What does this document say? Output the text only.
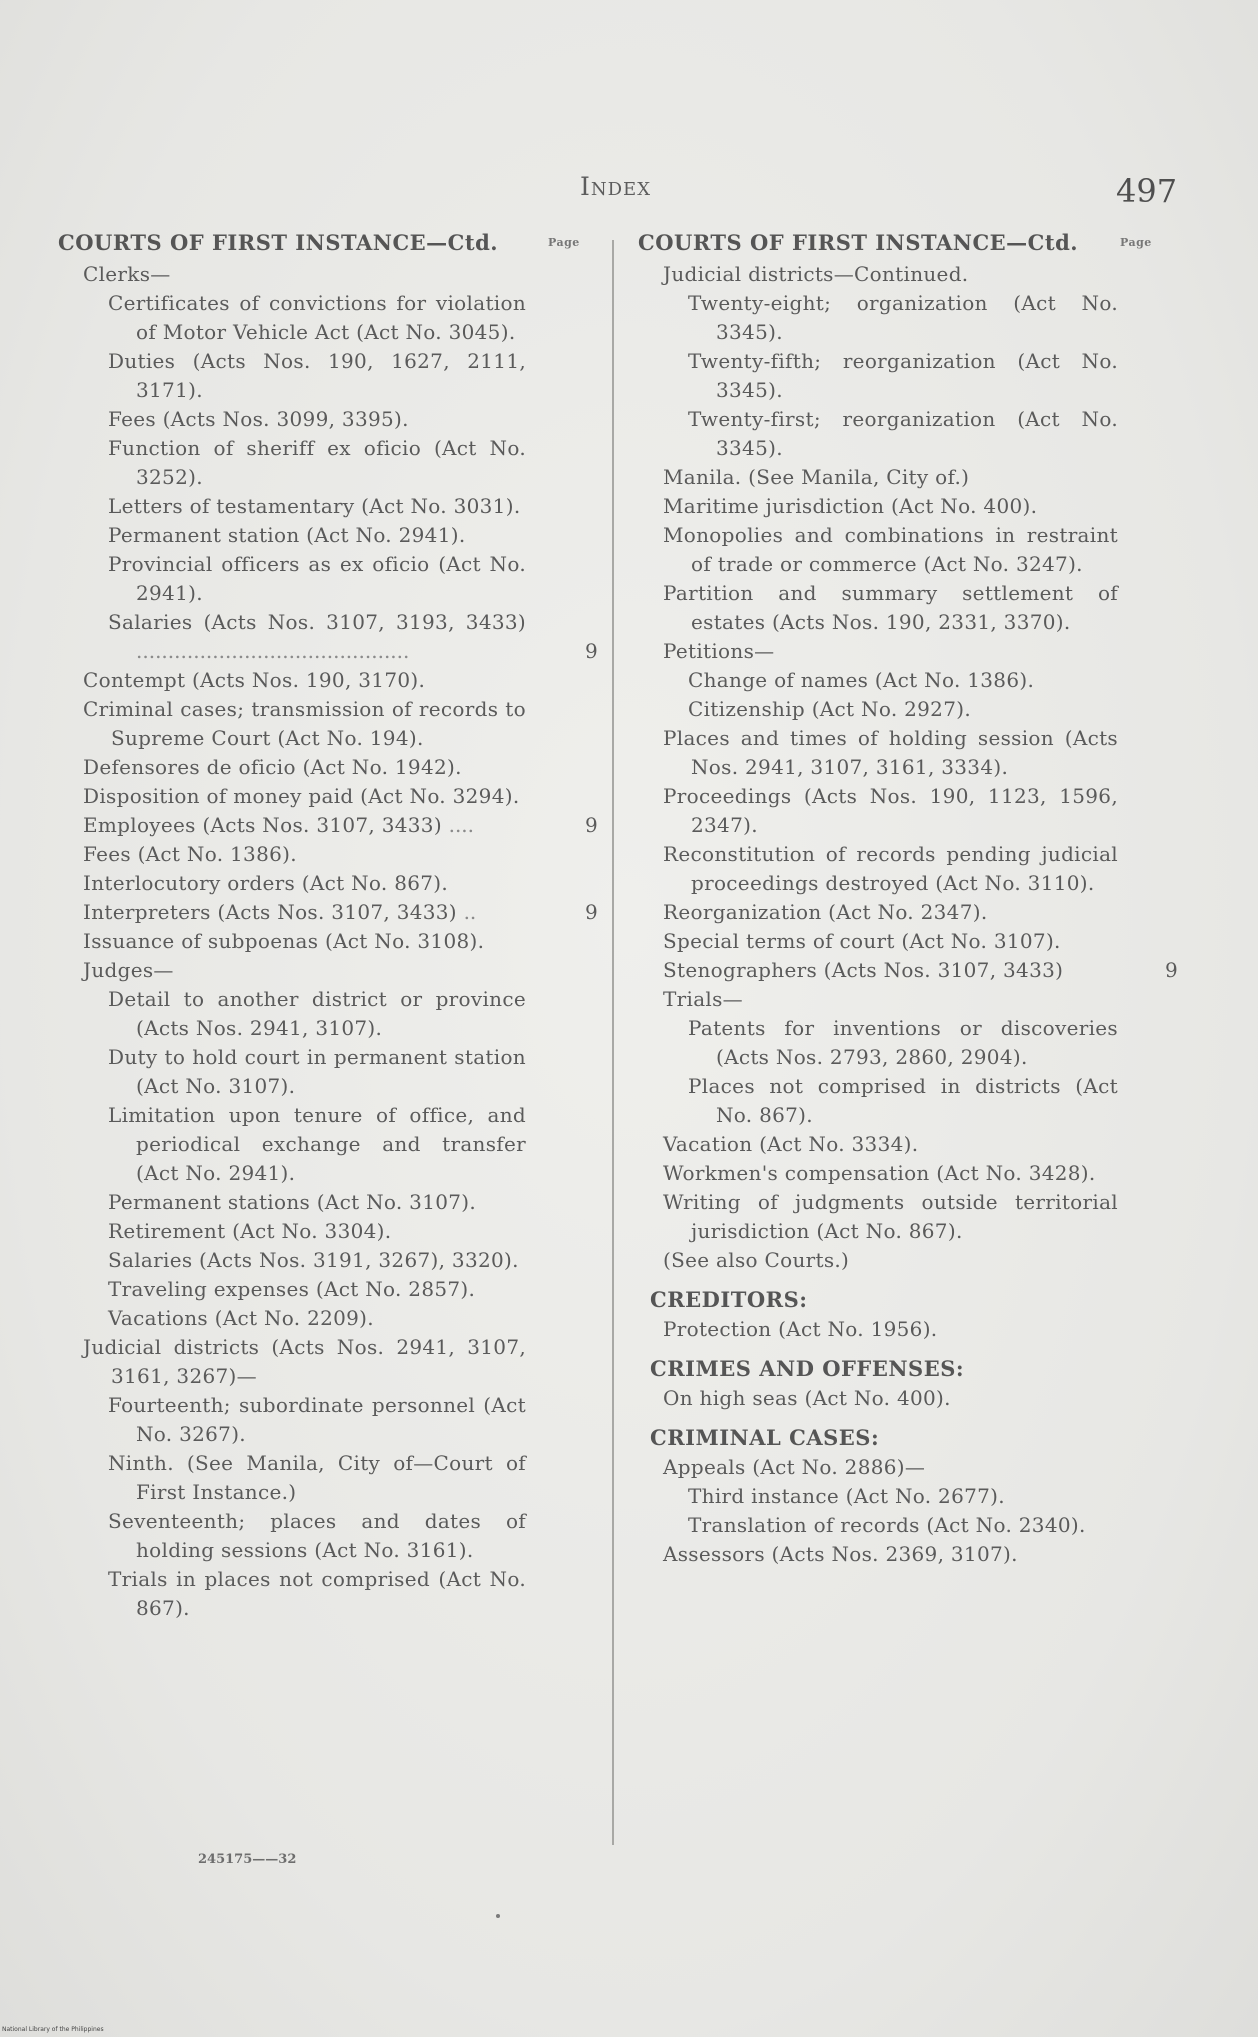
Index	497
COURTS OF FIRST INSTANCE—Ctd.	Page
Clerks—
Certificates of convictions for violation of Motor Vehicle Act (Act No. 3045).
Duties (Acts Nos. 190, 1627, 2111, 3171).
Fees (Acts Nos. 3099, 3395).
Function of sheriff ex oficio (Act No. 3252).
Letters of testamentary (Act No. 3031).
Permanent station (Act No. 2941).
Provincial officers as ex oficio (Act No. 2941).
Salaries (Acts Nos. 3107, 3193, 3433) ...........................................	9
Contempt (Acts Nos. 190, 3170).
Criminal cases; transmission of records to Supreme Court (Act No. 194).
Defensores de oficio (Act No. 1942).
Disposition of money paid (Act No. 3294).
Employees (Acts Nos. 3107, 3433) ....	9
Fees (Act No. 1386).
Interlocutory orders (Act No. 867).
Interpreters (Acts Nos. 3107, 3433) ..	9
Issuance of subpoenas (Act No. 3108).
Judges—
Detail to another district or province (Acts Nos. 2941, 3107).
Duty to hold court in permanent station (Act No. 3107).
Limitation upon tenure of office, and periodical exchange and transfer (Act No. 2941).
Permanent stations (Act No. 3107).
Retirement (Act No. 3304).
Salaries (Acts Nos. 3191, 3267), 3320).
Traveling expenses (Act No. 2857).
Vacations (Act No. 2209).
Judicial districts (Acts Nos. 2941, 3107, 3161, 3267)—
Fourteenth; subordinate personnel (Act No. 3267).
Ninth. (See Manila, City of—Court of First Instance.)
Seventeenth; places and dates of holding sessions (Act No. 3161).
Trials in places not comprised (Act No. 867).
COURTS OF FIRST INSTANCE—Ctd.	Page
Judicial districts—Continued.
Twenty-eight; organization (Act No. 3345).
Twenty-fifth; reorganization (Act No. 3345).
Twenty-first; reorganization (Act No. 3345).
Manila. (See Manila, City of.)
Maritime jurisdiction (Act No. 400).
Monopolies and combinations in restraint of trade or commerce (Act No. 3247).
Partition and summary settlement of estates (Acts Nos. 190, 2331, 3370).
Petitions—
Change of names (Act No. 1386).
Citizenship (Act No. 2927).
Places and times of holding session (Acts Nos. 2941, 3107, 3161, 3334).
Proceedings (Acts Nos. 190, 1123, 1596, 2347).
Reconstitution of records pending judicial proceedings destroyed (Act No. 3110).
Reorganization (Act No. 2347).
Special terms of court (Act No. 3107).
Stenographers (Acts Nos. 3107, 3433)	9
Trials—
Patents for inventions or discoveries (Acts Nos. 2793, 2860, 2904).
Places not comprised in districts (Act No. 867).
Vacation (Act No. 3334).
Workmen's compensation (Act No. 3428).
Writing of judgments outside territorial jurisdiction (Act No. 867).
(See also Courts.)
CREDITORS:
Protection (Act No. 1956).
CRIMES AND OFFENSES:
On high seas (Act No. 400).
CRIMINAL CASES:
Appeals (Act No. 2886)—
Third instance (Act No. 2677).
Translation of records (Act No. 2340).
Assessors (Acts Nos. 2369, 3107).
245175——32
National Library of the Philippines
